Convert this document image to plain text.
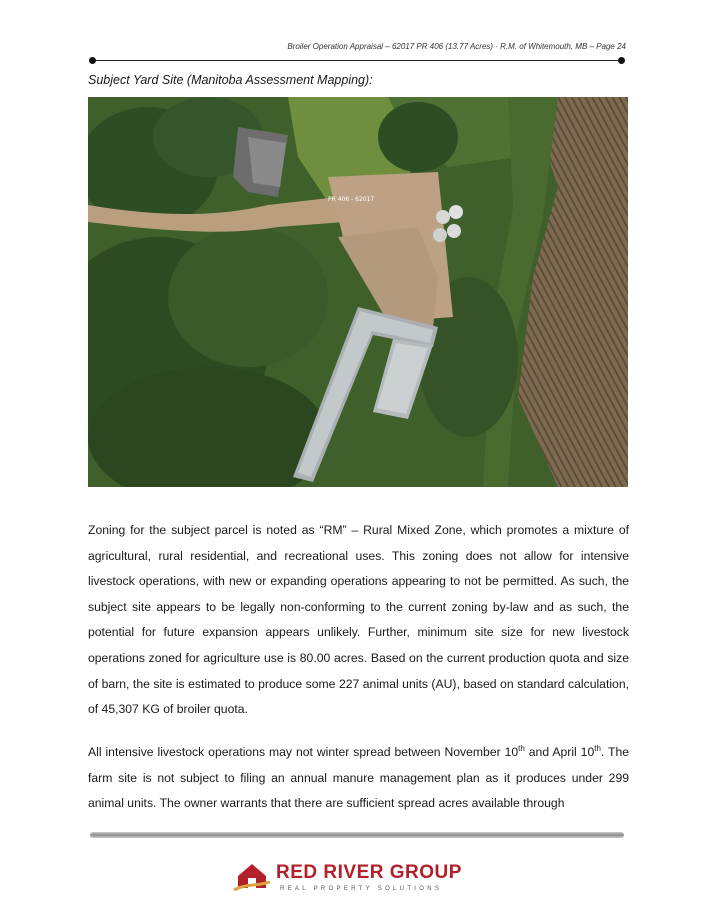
Broiler Operation Appraisal – 62017 PR 406 (13.77 Acres) · R.M. of Whitemouth, MB – Page 24
Subject Yard Site (Manitoba Assessment Mapping):
PR 406 - 62017

Zoning for the subject parcel is noted as “RM” – Rural Mixed Zone, which promotes a mixture of agricultural, rural residential, and recreational uses. This zoning does not allow for intensive livestock operations, with new or expanding operations appearing to not be permitted. As such, the subject site appears to be legally non-conforming to the current zoning by-law and as such, the potential for future expansion appears unlikely. Further, minimum site size for new livestock operations zoned for agriculture use is 80.00 acres. Based on the current production quota and size of barn, the site is estimated to produce some 227 animal units (AU), based on standard calculation, of 45,307 KG of broiler quota.

All intensive livestock operations may not winter spread between November 10th and April 10th. The farm site is not subject to filing an annual manure management plan as it produces under 299 animal units. The owner warrants that there are sufficient spread acres available through

RED RIVER GROUP
REAL PROPERTY SOLUTIONS
